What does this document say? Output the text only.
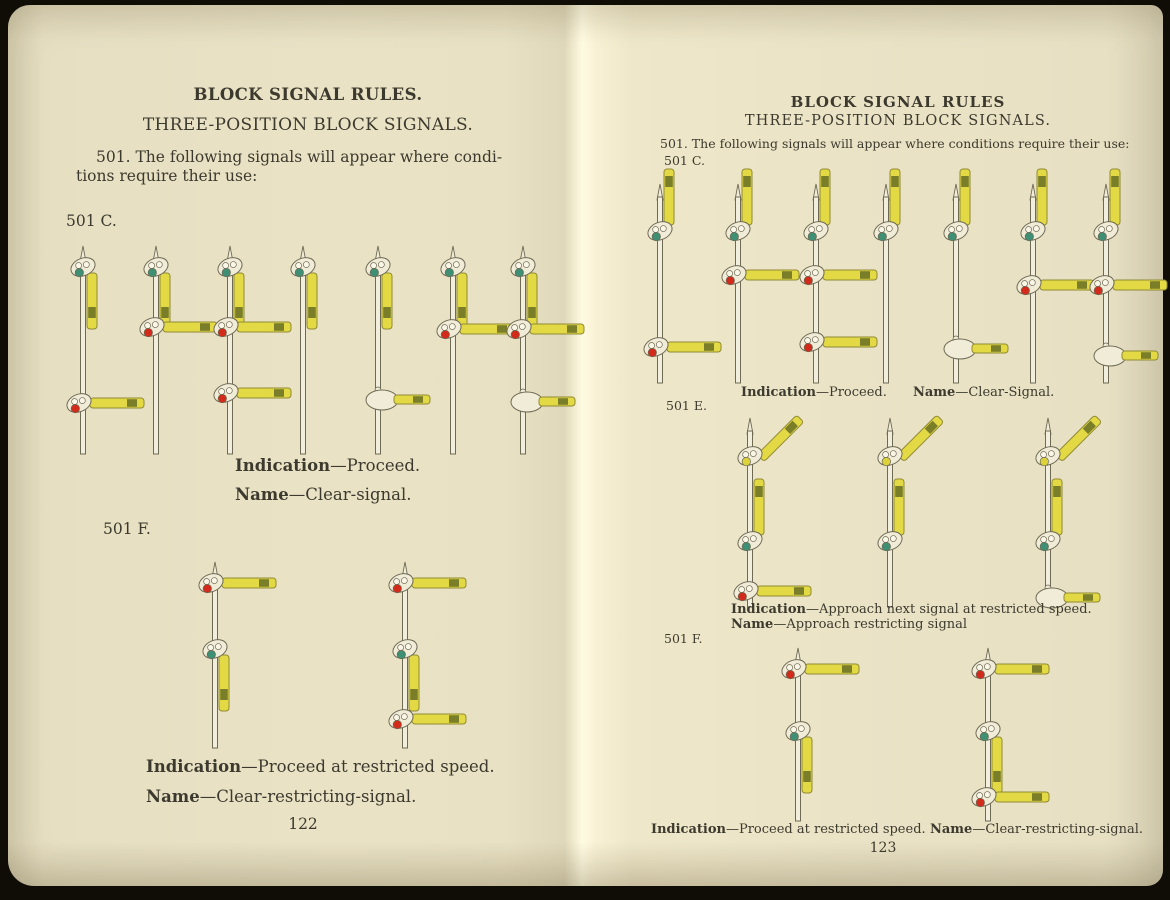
BLOCK SIGNAL RULES.
THREE-POSITION BLOCK SIGNALS.
501. The following signals will appear where condi-
tions require their use:
501 C.
Indication—Proceed.
Name—Clear-signal.
501 F.
Indication—Proceed at restricted speed.
Name—Clear-restricting-signal.
122
BLOCK SIGNAL RULES
THREE-POSITION BLOCK SIGNALS.
501. The following signals will appear where conditions require their use:
501 C.
Indication—Proceed. Name—Clear-Signal.
501 E.
Indication—Approach next signal at restricted speed.
Name—Approach restricting signal
501 F.
Indication—Proceed at restricted speed. Name—Clear-restricting-signal.
123
